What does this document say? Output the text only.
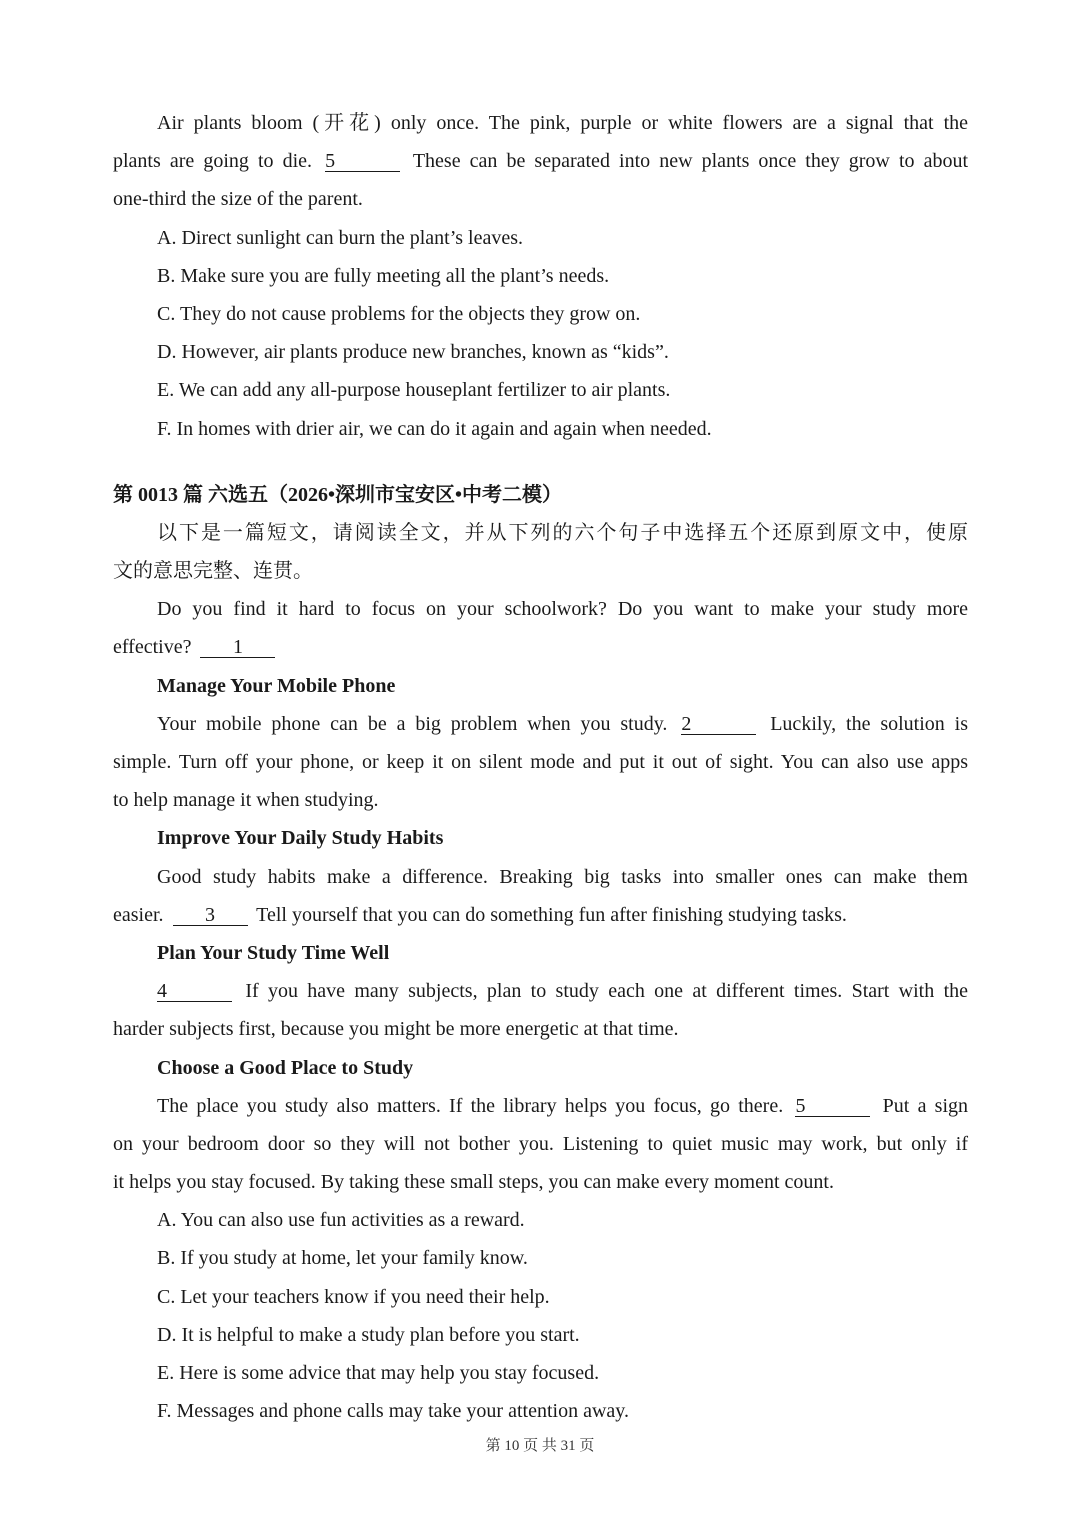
Air plants bloom (开花) only once. The pink, purple or white flowers are a signal that the
plants are going to die. 5	These can be separated into new plants once they grow to about
one-third the size of the parent.
A. Direct sunlight can burn the plant’s leaves.
B. Make sure you are fully meeting all the plant’s needs.
C. They do not cause problems for the objects they grow on.
D. However, air plants produce new branches, known as “kids”.
E. We can add any all-purpose houseplant fertilizer to air plants.
F. In homes with drier air, we can do it again and again when needed.
第 0013 篇 六选五（2026•深圳市宝安区•中考二模）
以下是一篇短文，请阅读全文，并从下列的六个句子中选择五个还原到原文中，使原
文的意思完整、连贯。
Do you find it hard to focus on your schoolwork? Do you want to make your study more
effective? 1
Manage Your Mobile Phone
Your mobile phone can be a big problem when you study. 2	Luckily, the solution is
simple. Turn off your phone, or keep it on silent mode and put it out of sight. You can also use apps
to help manage it when studying.
Improve Your Daily Study Habits
Good study habits make a difference. Breaking big tasks into smaller ones can make them
easier. 3 Tell yourself that you can do something fun after finishing studying tasks.
Plan Your Study Time Well
4	If you have many subjects, plan to study each one at different times. Start with the
harder subjects first, because you might be more energetic at that time.
Choose a Good Place to Study
The place you study also matters. If the library helps you focus, go there. 5	Put a sign
on your bedroom door so they will not bother you. Listening to quiet music may work, but only if
it helps you stay focused. By taking these small steps, you can make every moment count.
A. You can also use fun activities as a reward.
B. If you study at home, let your family know.
C. Let your teachers know if you need their help.
D. It is helpful to make a study plan before you start.
E. Here is some advice that may help you stay focused.
F. Messages and phone calls may take your attention away.
第 10 页 共 31 页
